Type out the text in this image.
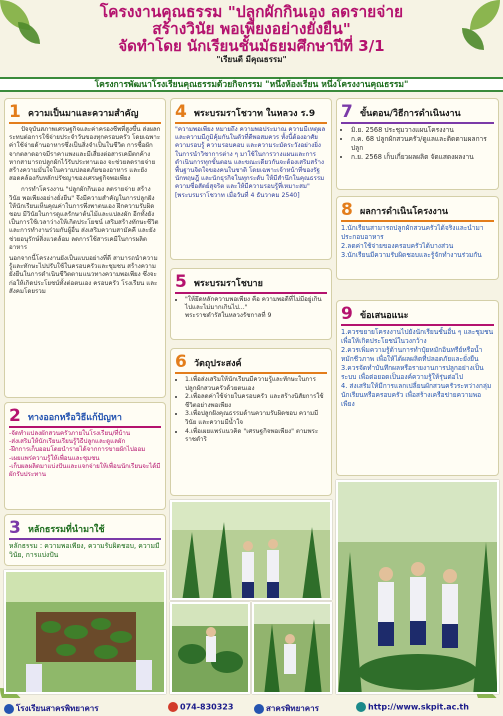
โครงงานคุณธรรม "ปลูกผักกินเอง ลดรายจ่าย
สร้างวินัย พอเพียงอย่างยั่งยืน"
จัดทำโดย นักเรียนชั้นมัธยมศึกษาปีที่ 3/1
"เรียนดี มีคุณธรรม"
โครงการพัฒนาโรงเรียนคุณธรรมด้วยกิจกรรม "หนึ่งห้องเรียน หนึ่งโครงงานคุณธรรม"
1 ความเป็นมาและความสำคัญ
ปัจจุบันสภาพเศรษฐกิจและค่าครองชีพที่สูงขึ้น ส่งผลกระทบต่อการใช้จ่ายประจำวันของทุกครอบครัว โดยเฉพาะค่าใช้จ่ายด้านอาหารซึ่งเป็นสิ่งจำเป็นในชีวิต การซื้อผักจากตลาดอาจมีราคาแพงและมีเสี่ยงต่อสารเคมีตกค้าง หากสามารถปลูกผักไว้รับประทานเอง จะช่วยลดรายจ่าย สร้างความมั่นใจในความปลอดภัยของอาหาร และยังสอดคล้องกับหลักปรัชญาของเศรษฐกิจพอเพียง
การทำโครงงาน "ปลูกผักกินเอง ลดรายจ่าย สร้างวินัย พอเพียงอย่างยั่งยืน" จึงมีความสำคัญในการปลูกฝังให้นักเรียนเห็นคุณค่าในการพึ่งพาตนเอง ฝึกความรับผิดชอบ มีวินัยในการดูแลรักษาต้นไม้และแปลงผัก อีกทั้งยังเป็นการใช้เวลาว่างให้เกิดประโยชน์ เสริมสร้างทักษะชีวิตและการทำงานร่วมกับผู้อื่น ส่งเสริมความสามัคคี และยังช่วยอนุรักษ์สิ่งแวดล้อม ลดการใช้สารเคมีในการผลิตอาหาร
นอกจากนี้โครงงานยังเป็นแบบอย่างที่ดี สามารถนำความรู้และทักษะไปปรับใช้ในครอบครัวและชุมชน สร้างความยั่งยืนในการดำเนินชีวิตตามแนวทางความพอเพียง ซึ่งจะก่อให้เกิดประโยชน์ทั้งต่อตนเอง ครอบครัว โรงเรียน และสังคมโดยรวม
2 ทางออกหรือวิธีแก้ปัญหา
-จัดทำแปลงผักสวนครัวภายในโรงเรียน/ที่บ้าน
-ส่งเสริมให้นักเรียนเรียนรู้วิธีปลูกและดูแลผัก
-ฝึกการเก็บออมโดยนำรายได้จากการขายผักไปออม
-เผยแพร่ความรู้ให้เพื่อนและชุมชน
-เก็บผลผลิตมาแบ่งปันและแจกจ่ายให้เพื่อนนักเรียนจะได้มีผักรับประทาน
3 หลักธรรมที่นำมาใช้
หลักธรรม : ความพอเพียง, ความรับผิดชอบ, ความมีวินัย, การแบ่งปัน
4 พระบรมราโชวาท ในหลวง ร.9
"ความพอเพียง หมายถึง ความพอประมาณ ความมีเหตุผล และความมีภูมิคุ้มกันในตัวที่ดีพอสมควร ทั้งนี้ต้องอาศัยความรอบรู้ ความรอบคอบ และความระมัดระวังอย่างยิ่งในการนำวิชาการต่าง ๆ มาใช้ในการวางแผนและการดำเนินการทุกขั้นตอน และขณะเดียวกันจะต้องเสริมสร้างพื้นฐานจิตใจของคนในชาติ โดยเฉพาะเจ้าหน้าที่ของรัฐ นักทฤษฎี และนักธุรกิจในทุกระดับ ให้มีสำนึกในคุณธรรม ความซื่อสัตย์สุจริต และให้มีความรอบรู้ที่เหมาะสม"
[พระบรมราโชวาท เมื่อวันที่ 4 ธันวาคม 2540]
5 พระบรมราโชบาย
• "ให้ยึดหลักความพอเพียง คือ ความพอดีที่ไม่มีอยู่เกินไปและไม่มากเกินไป..."
พระราชดำรัสในหลวงรัชกาลที่ 9
6 วัตถุประสงค์
• 1.เพื่อส่งเสริมให้นักเรียนมีความรู้และทักษะในการปลูกผักสวนครัวด้วยตนเอง
• 2.เพื่อลดค่าใช้จ่ายในครอบครัว และสร้างนิสัยการใช้ชีวิตอย่างพอเพียง
• 3.เพื่อปลูกฝังคุณธรรมด้านความรับผิดชอบ ความมีวินัย และความมีน้ำใจ
• 4.เพื่อเผยแพร่แนวคิด "เศรษฐกิจพอเพียง" ตามพระราชดำริ
7 ขั้นตอน/วิธีการดำเนินงาน
• มิ.ย. 2568 ประชุมวางแผนโครงงาน
• ก.ค. 68 ปลูกผักสวนครัว/ดูแลและติดตามผลการปลูก
• ก.ย. 2568 เก็บเกี่ยวผลผลิต จัดแสดงผลงาน
8 ผลการดำเนินโครงงาน
1.นักเรียนสามารถปลูกผักสวนครัวได้จริงและนำมาประกอบอาหาร
2.ลดค่าใช้จ่ายของครอบครัวได้บางส่วน
3.นักเรียนมีความรับผิดชอบและรู้จักทำงานร่วมกัน
9 ข้อเสนอแนะ
1.ควรขยายโครงงานไปยังนักเรียนชั้นอื่น ๆ และชุมชน เพื่อให้เกิดประโยชน์ในวงกว้าง
2.ควรเพิ่มความรู้ด้านการทำปุ๋ยหมักอินทรีย์หรือน้ำหมักชีวภาพ เพื่อให้ได้ผลผลิตที่ปลอดภัยและยั่งยืน
3.ควรจัดทำบันทึกผลหรือรายงานการปลูกอย่างเป็นระบบ เพื่อต่อยอดเป็นองค์ความรู้ให้รุ่นต่อไป
4. ส่งเสริมให้มีการแลกเปลี่ยนผักสวนครัวระหว่างกลุ่มนักเรียนหรือครอบครัว เพื่อสร้างเครือข่ายความพอเพียง
โรงเรียนสาครพิทยาคาร	074-830323	สาครพิทยาคาร	http://www.skpit.ac.th
